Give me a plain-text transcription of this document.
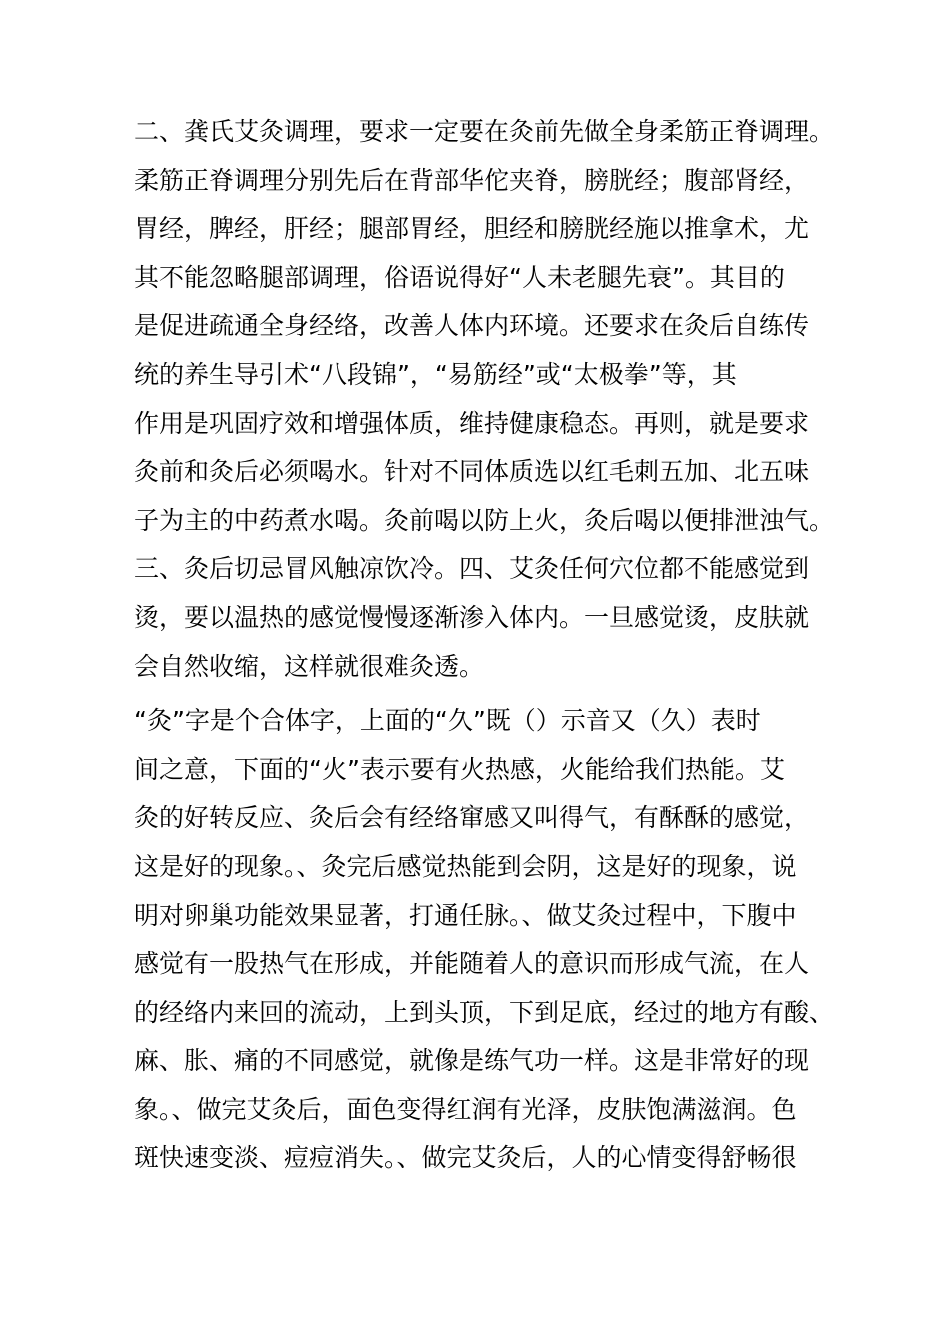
二、龚氏艾灸调理，要求一定要在灸前先做全身柔筋正脊调理。
柔筋正脊调理分别先后在背部华佗夹脊，膀胱经；腹部肾经，
胃经，脾经，肝经；腿部胃经，胆经和膀胱经施以推拿术，尤
其不能忽略腿部调理，俗语说得好“人未老腿先衰”。其目的
是促进疏通全身经络，改善人体内环境。还要求在灸后自练传
统的养生导引术“八段锦”，“易筋经”或“太极拳”等，其
作用是巩固疗效和增强体质，维持健康稳态。再则，就是要求
灸前和灸后必须喝水。针对不同体质选以红毛刺五加、北五味
子为主的中药煮水喝。灸前喝以防上火，灸后喝以便排泄浊气。
三、灸后切忌冒风触凉饮冷。四、艾灸任何穴位都不能感觉到
烫，要以温热的感觉慢慢逐渐渗入体内。一旦感觉烫，皮肤就
会自然收缩，这样就很难灸透。
“灸”字是个合体字，上面的“久”既（）示音又（久）表时
间之意，下面的“火”表示要有火热感，火能给我们热能。艾
灸的好转反应、灸后会有经络窜感又叫得气，有酥酥的感觉，
这是好的现象。、灸完后感觉热能到会阴，这是好的现象，说
明对卵巢功能效果显著，打通任脉。、做艾灸过程中，下腹中
感觉有一股热气在形成，并能随着人的意识而形成气流，在人
的经络内来回的流动，上到头顶，下到足底，经过的地方有酸、
麻、胀、痛的不同感觉，就像是练气功一样。这是非常好的现
象。、做完艾灸后，面色变得红润有光泽，皮肤饱满滋润。色
斑快速变淡、痘痘消失。、做完艾灸后，人的心情变得舒畅很
